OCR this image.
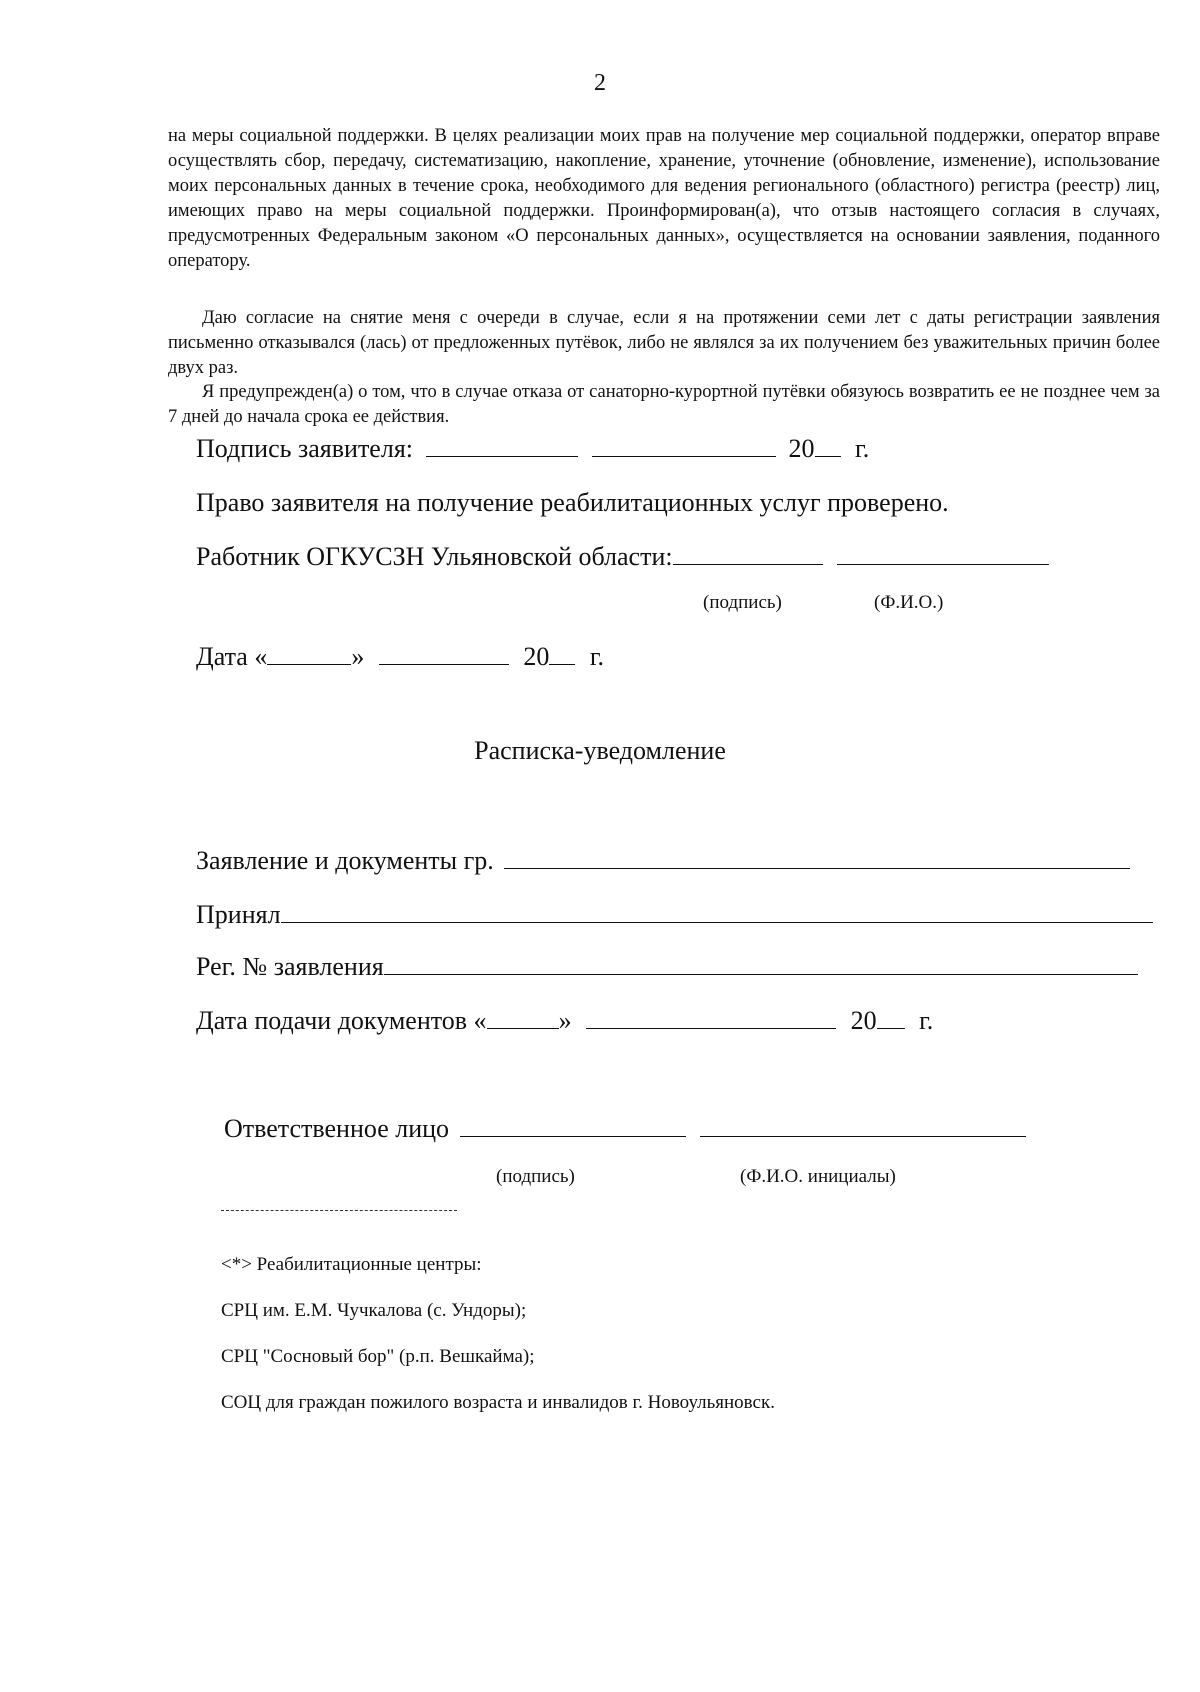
2

на меры социальной поддержки. В целях реализации моих прав на получение мер социальной поддержки, оператор вправе осуществлять сбор, передачу, систематизацию, накопление, хранение, уточнение (обновление, изменение), использование моих персональных данных в течение срока, необходимого для ведения регионального (областного) регистра (реестр) лиц, имеющих право на меры социальной поддержки. Проинформирован(а), что отзыв настоящего согласия в случаях, предусмотренных Федеральным законом «О персональных данных», осуществляется на основании заявления, поданного оператору.

Даю согласие на снятие меня с очереди в случае, если я на протяжении семи лет с даты регистрации заявления письменно отказывался (лась) от предложенных путёвок, либо не являлся за их получением без уважительных причин более двух раз.

Я предупрежден(а) о том, что в случае отказа от санаторно-курортной путёвки обязуюсь возвратить ее не позднее чем за 7 дней до начала срока ее действия.

Подпись заявителя:	20 г.
Право заявителя на получение реабилитационных услуг проверено.
Работник ОГКУСЗН Ульяновской области:
(подпись)	(Ф.И.О.)
Дата «	»	20 г.
Расписка-уведомление
Заявление и документы гр.
Принял
Рег. № заявления
Дата подачи документов «	»	20 г.
Ответственное лицо
(подпись)	(Ф.И.О. инициалы)
<*> Реабилитационные центры:
СРЦ им. Е.М. Чучкалова (с. Ундоры);
СРЦ "Сосновый бор" (р.п. Вешкайма);
СОЦ для граждан пожилого возраста и инвалидов г. Новоульяновск.
